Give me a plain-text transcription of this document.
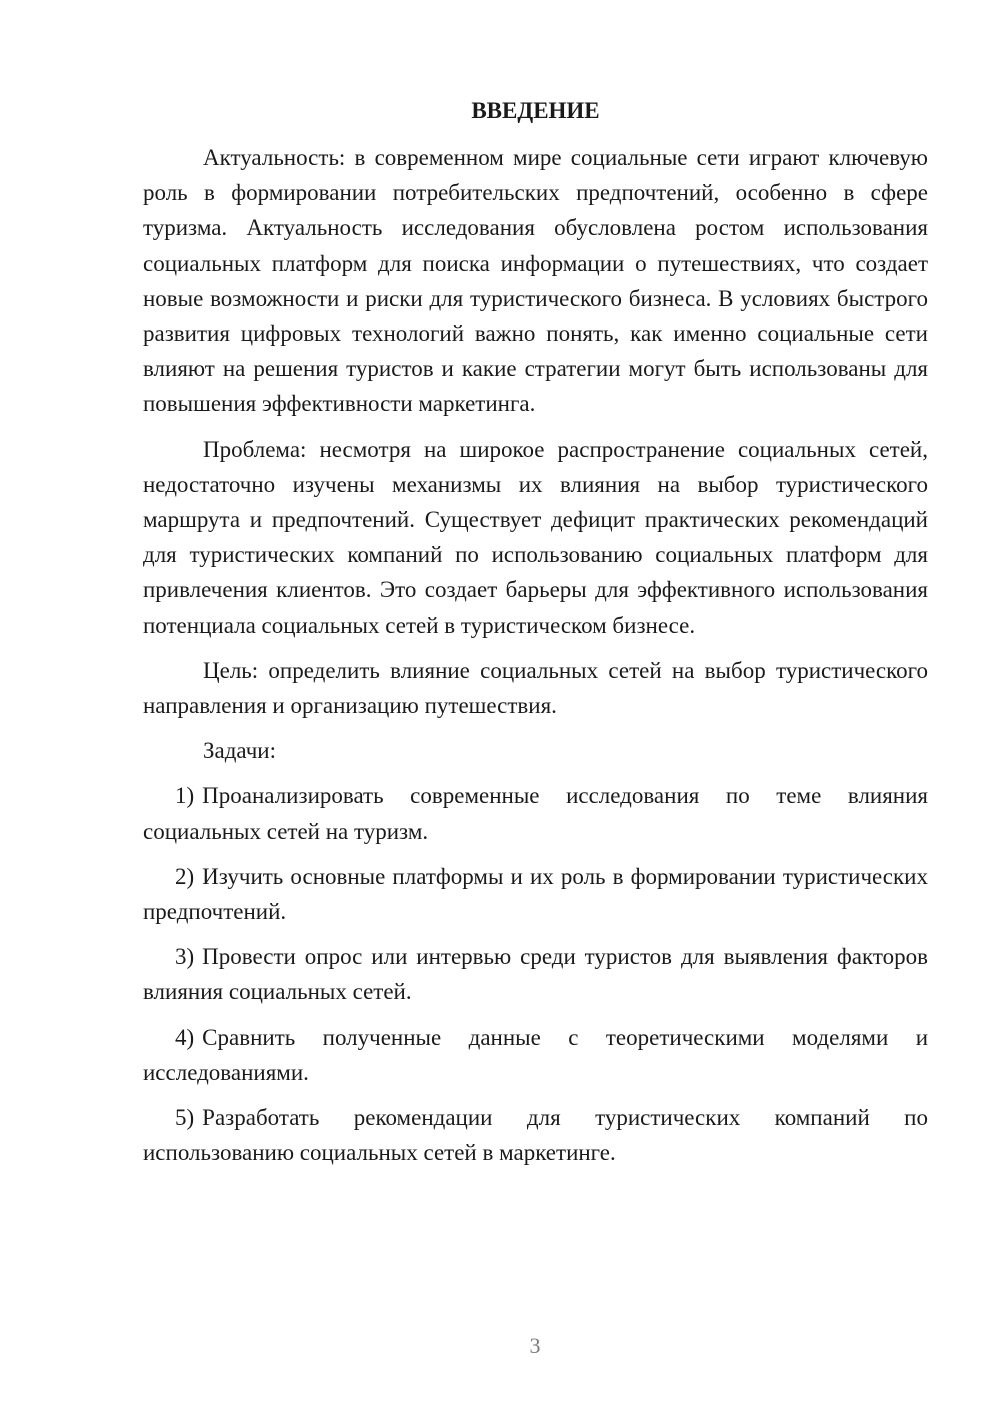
ВВЕДЕНИЕ

Актуальность: в современном мире социальные сети играют ключевую роль в формировании потребительских предпочтений, особенно в сфере туризма. Актуальность исследования обусловлена ростом использования социальных платформ для поиска информации о путешествиях, что создает новые возможности и риски для туристического бизнеса. В условиях быстрого развития цифровых технологий важно понять, как именно социальные сети влияют на решения туристов и какие стратегии могут быть использованы для повышения эффективности маркетинга.

Проблема: несмотря на широкое распространение социальных сетей, недостаточно изучены механизмы их влияния на выбор туристического маршрута и предпочтений. Существует дефицит практических рекомендаций для туристических компаний по использованию социальных платформ для привлечения клиентов. Это создает барьеры для эффективного использования потенциала социальных сетей в туристическом бизнесе.

Цель: определить влияние социальных сетей на выбор туристического направления и организацию путешествия.

Задачи:

1) Проанализировать современные исследования по теме влияния социальных сетей на туризм.

2) Изучить основные платформы и их роль в формировании туристических предпочтений.

3) Провести опрос или интервью среди туристов для выявления факторов влияния социальных сетей.

4) Сравнить полученные данные с теоретическими моделями и исследованиями.

5) Разработать рекомендации для туристических компаний по использованию социальных сетей в маркетинге.

3
